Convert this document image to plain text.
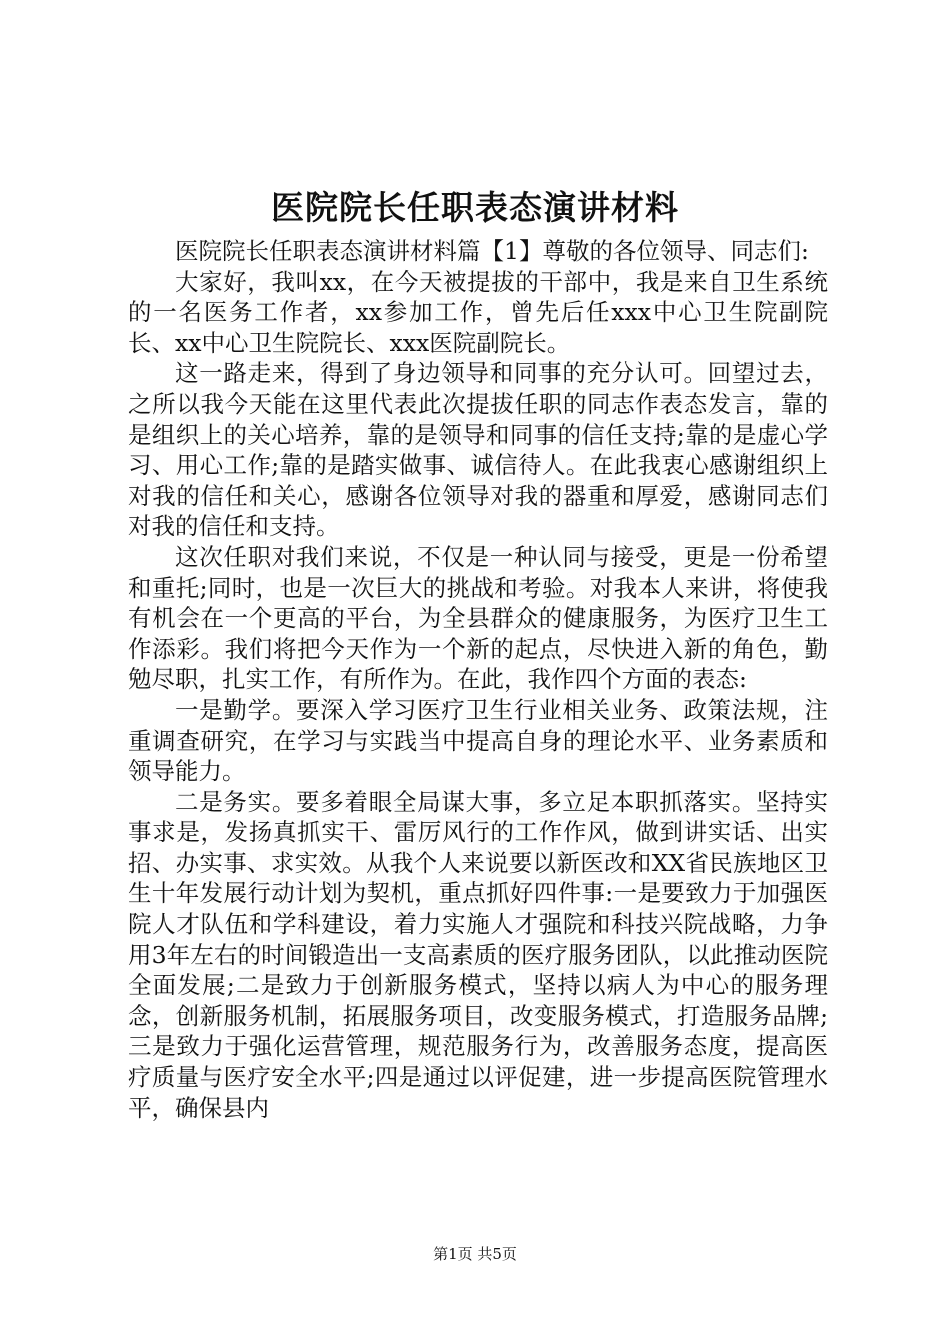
医院院长任职表态演讲材料

医院院长任职表态演讲材料篇【1】尊敬的各位领导、同志们:

大家好，我叫xx，在今天被提拔的干部中，我是来自卫生系统的一名医务工作者，xx参加工作，曾先后任xxx中心卫生院副院长、xx中心卫生院院长、xxx医院副院长。

这一路走来，得到了身边领导和同事的充分认可。回望过去，之所以我今天能在这里代表此次提拔任职的同志作表态发言，靠的是组织上的关心培养，靠的是领导和同事的信任支持;靠的是虚心学习、用心工作;靠的是踏实做事、诚信待人。在此我衷心感谢组织上对我的信任和关心，感谢各位领导对我的器重和厚爱，感谢同志们对我的信任和支持。

这次任职对我们来说，不仅是一种认同与接受，更是一份希望和重托;同时，也是一次巨大的挑战和考验。对我本人来讲，将使我有机会在一个更高的平台，为全县群众的健康服务，为医疗卫生工作添彩。我们将把今天作为一个新的起点，尽快进入新的角色，勤勉尽职，扎实工作，有所作为。在此，我作四个方面的表态:

一是勤学。要深入学习医疗卫生行业相关业务、政策法规，注重调查研究，在学习与实践当中提高自身的理论水平、业务素质和领导能力。

二是务实。要多着眼全局谋大事，多立足本职抓落实。坚持实事求是，发扬真抓实干、雷厉风行的工作作风，做到讲实话、出实招、办实事、求实效。从我个人来说要以新医改和XX省民族地区卫生十年发展行动计划为契机，重点抓好四件事:一是要致力于加强医院人才队伍和学科建设，着力实施人才强院和科技兴院战略，力争用3年左右的时间锻造出一支高素质的医疗服务团队，以此推动医院全面发展;二是致力于创新服务模式，坚持以病人为中心的服务理念，创新服务机制，拓展服务项目，改变服务模式，打造服务品牌;三是致力于强化运营管理，规范服务行为，改善服务态度，提高医疗质量与医疗安全水平;四是通过以评促建，进一步提高医院管理水平，确保县内

第1页 共5页
